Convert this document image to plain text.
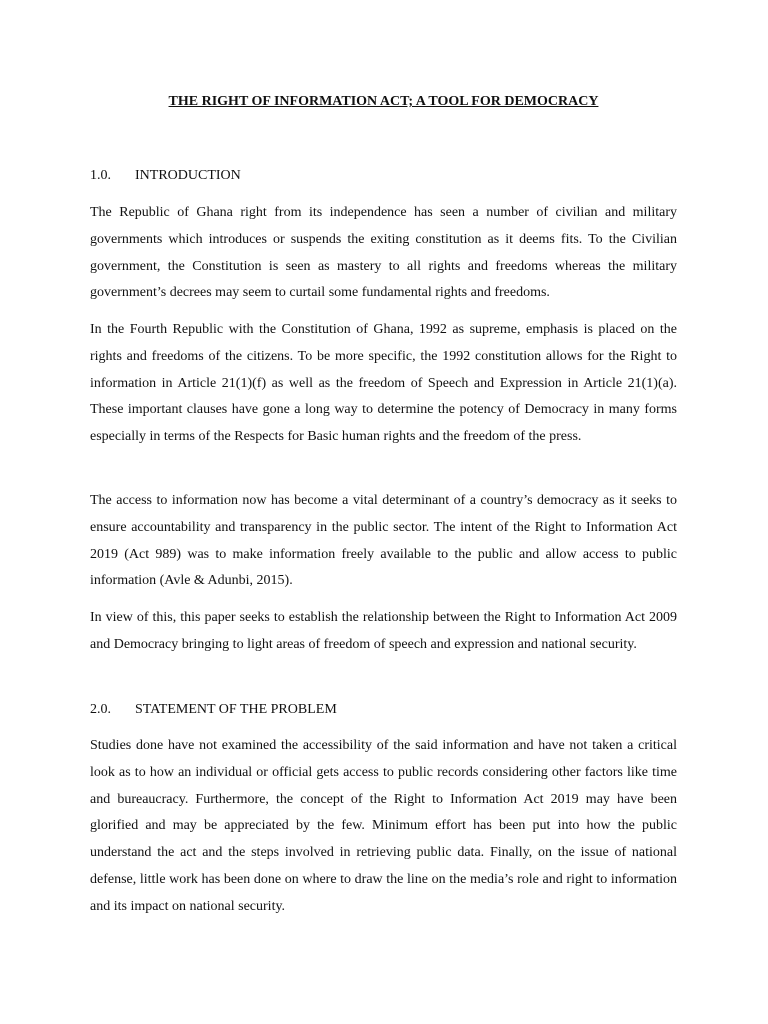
THE RIGHT OF INFORMATION ACT; A TOOL FOR DEMOCRACY
1.0.	INTRODUCTION

The Republic of Ghana right from its independence has seen a number of civilian and military governments which introduces or suspends the exiting constitution as it deems fits. To the Civilian government, the Constitution is seen as mastery to all rights and freedoms whereas the military government’s decrees may seem to curtail some fundamental rights and freedoms.

In the Fourth Republic with the Constitution of Ghana, 1992 as supreme, emphasis is placed on the rights and freedoms of the citizens. To be more specific, the 1992 constitution allows for the Right to information in Article 21(1)(f) as well as the freedom of Speech and Expression in Article 21(1)(a). These important clauses have gone a long way to determine the potency of Democracy in many forms especially in terms of the Respects for Basic human rights and the freedom of the press.

The access to information now has become a vital determinant of a country’s democracy as it seeks to ensure accountability and transparency in the public sector. The intent of the Right to Information Act 2019 (Act 989) was to make information freely available to the public and allow access to public information (Avle & Adunbi, 2015).

In view of this, this paper seeks to establish the relationship between the Right to Information Act 2009 and Democracy bringing to light areas of freedom of speech and expression and national security.

2.0.	STATEMENT OF THE PROBLEM

Studies done have not examined the accessibility of the said information and have not taken a critical look as to how an individual or official gets access to public records considering other factors like time and bureaucracy. Furthermore, the concept of the Right to Information Act 2019 may have been glorified and may be appreciated by the few. Minimum effort has been put into how the public understand the act and the steps involved in retrieving public data. Finally, on the issue of national defense, little work has been done on where to draw the line on the media’s role and right to information and its impact on national security.
